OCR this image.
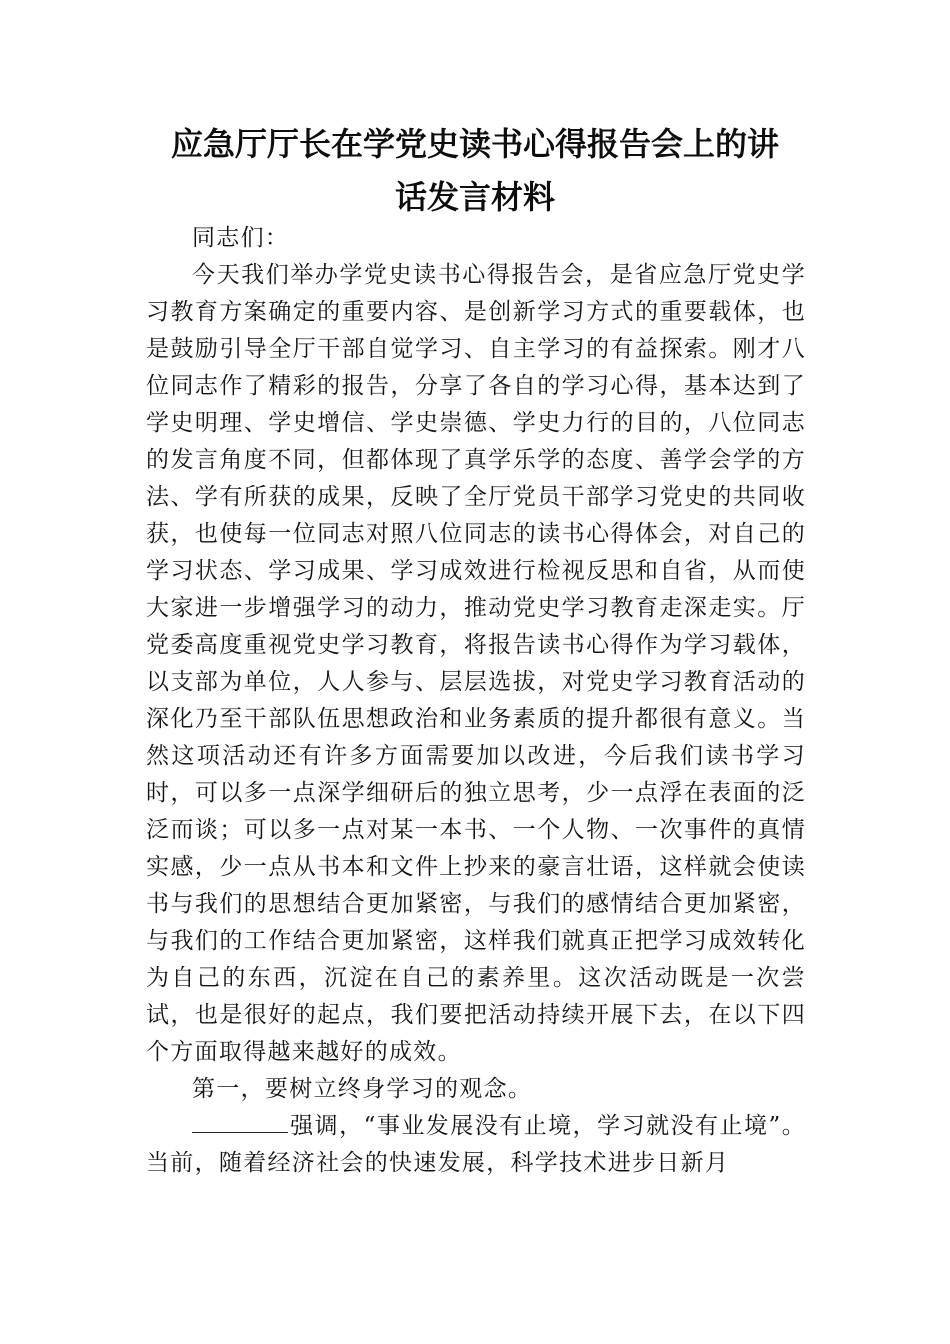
应急厅厅长在学党史读书心得报告会上的讲
话发言材料

同志们：

今天我们举办学党史读书心得报告会，是省应急厅党史学习教育方案确定的重要内容、是创新学习方式的重要载体，也是鼓励引导全厅干部自觉学习、自主学习的有益探索。刚才八位同志作了精彩的报告，分享了各自的学习心得，基本达到了学史明理、学史增信、学史崇德、学史力行的目的，八位同志的发言角度不同，但都体现了真学乐学的态度、善学会学的方法、学有所获的成果，反映了全厅党员干部学习党史的共同收获，也使每一位同志对照八位同志的读书心得体会，对自己的学习状态、学习成果、学习成效进行检视反思和自省，从而使大家进一步增强学习的动力，推动党史学习教育走深走实。厅党委高度重视党史学习教育，将报告读书心得作为学习载体，以支部为单位，人人参与、层层选拔，对党史学习教育活动的深化乃至干部队伍思想政治和业务素质的提升都很有意义。当然这项活动还有许多方面需要加以改进，今后我们读书学习时，可以多一点深学细研后的独立思考，少一点浮在表面的泛泛而谈；可以多一点对某一本书、一个人物、一次事件的真情实感，少一点从书本和文件上抄来的豪言壮语，这样就会使读书与我们的思想结合更加紧密，与我们的感情结合更加紧密，与我们的工作结合更加紧密，这样我们就真正把学习成效转化为自己的东西，沉淀在自己的素养里。这次活动既是一次尝试，也是很好的起点，我们要把活动持续开展下去，在以下四个方面取得越来越好的成效。

第一，要树立终身学习的观念。

强调，“事业发展没有止境，学习就没有止境”。当前，随着经济社会的快速发展，科学技术进步日新月
